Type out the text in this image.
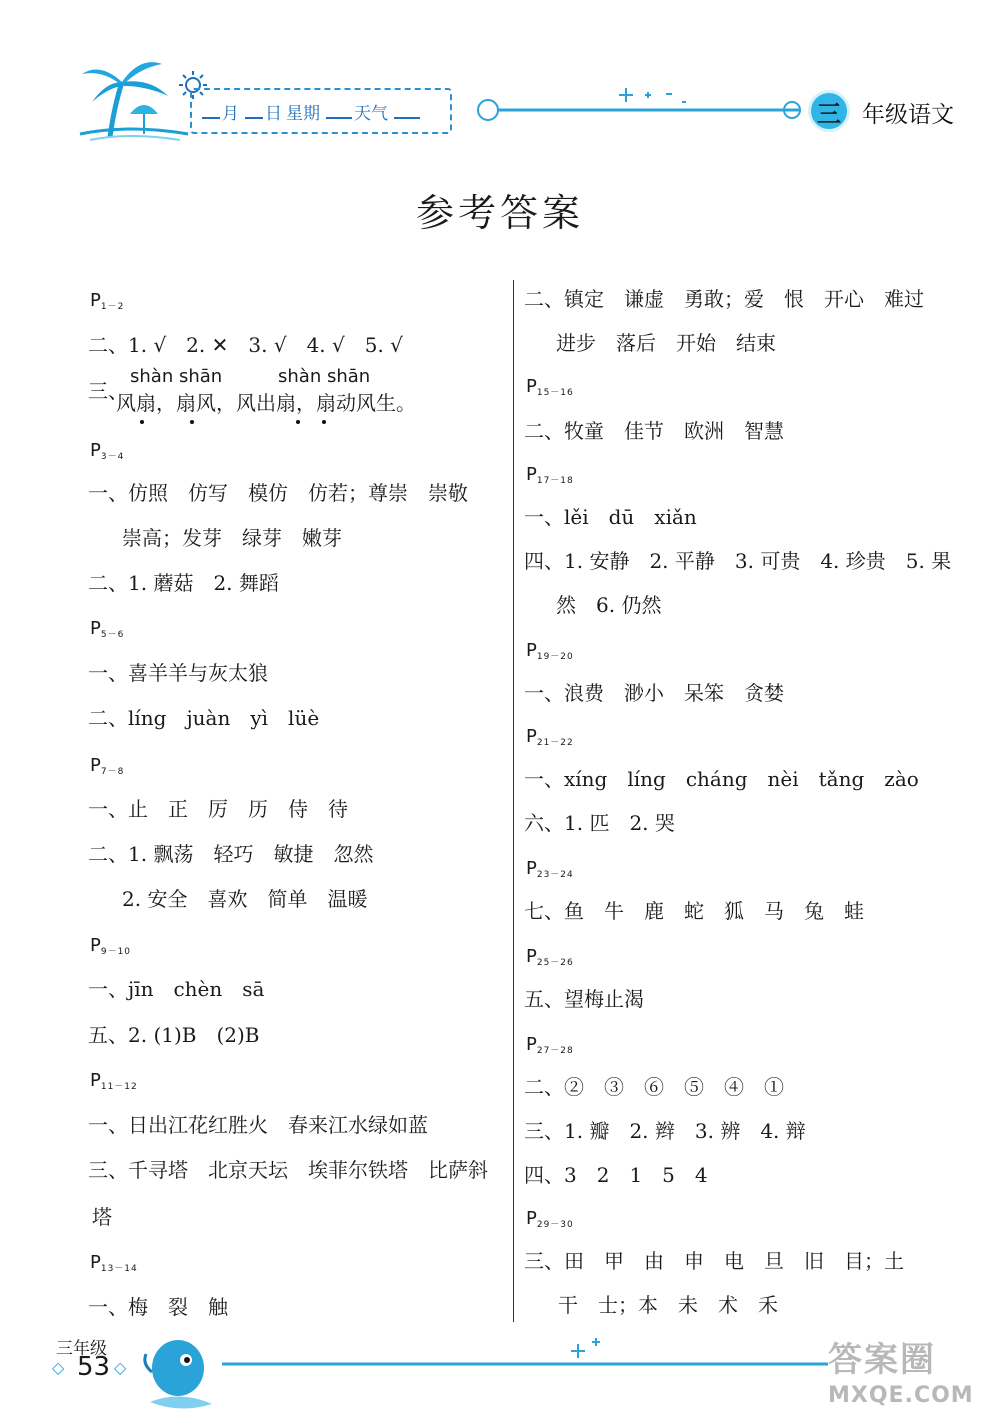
月 日 星期 天气	三 年级语文
参考答案
$P_{1-2}$
二、1. √　2. ✕　3. √　4. √　5. √
三、
shàn shān	shàn shān
风扇，扇风，风出扇，扇动风生。
$P_{3-4}$
一、仿照　仿写　模仿　仿若；尊崇　崇敬
崇高；发芽　绿芽　嫩芽
二、1. 蘑菇　2. 舞蹈
$P_{5-6}$
一、喜羊羊与灰太狼
二、líng　juàn　yì　lüè
$P_{7-8}$
一、止　正　厉　历　侍　待
二、1. 飘荡　轻巧　敏捷　忽然
2. 安全　喜欢　简单　温暖
$P_{9-10}$
一、jīn　chèn　sā
五、2. (1)B　(2)B
$P_{11-12}$
一、日出江花红胜火　春来江水绿如蓝
三、千寻塔　北京天坛　埃菲尔铁塔　比萨斜
塔
$P_{13-14}$
一、梅　裂　触
二、镇定　谦虚　勇敢；爱　恨　开心　难过
进步　落后　开始　结束
$P_{15-16}$
二、牧童　佳节　欧洲　智慧
$P_{17-18}$
一、lěi　dū　xiǎn
四、1. 安静　2. 平静　3. 可贵　4. 珍贵　5. 果
然　6. 仍然
$P_{19-20}$
一、浪费　渺小　呆笨　贪婪
$P_{21-22}$
一、xíng　líng　cháng　nèi　tǎng　zào
六、1. 匹　2. 哭
$P_{23-24}$
七、鱼　牛　鹿　蛇　狐　马　兔　蛙
$P_{25-26}$
五、望梅止渴
$P_{27-28}$
二、②　③　⑥　⑤　④　①
三、1. 瓣　2. 辫　3. 辨　4. 辩
四、3　2　1　5　4
$P_{29-30}$
三、田　甲　由　申　电　旦　旧　目；土
干　士；本　未　术　禾
三年级
◇ 53 ◇	答案圈
MXQE.COM
